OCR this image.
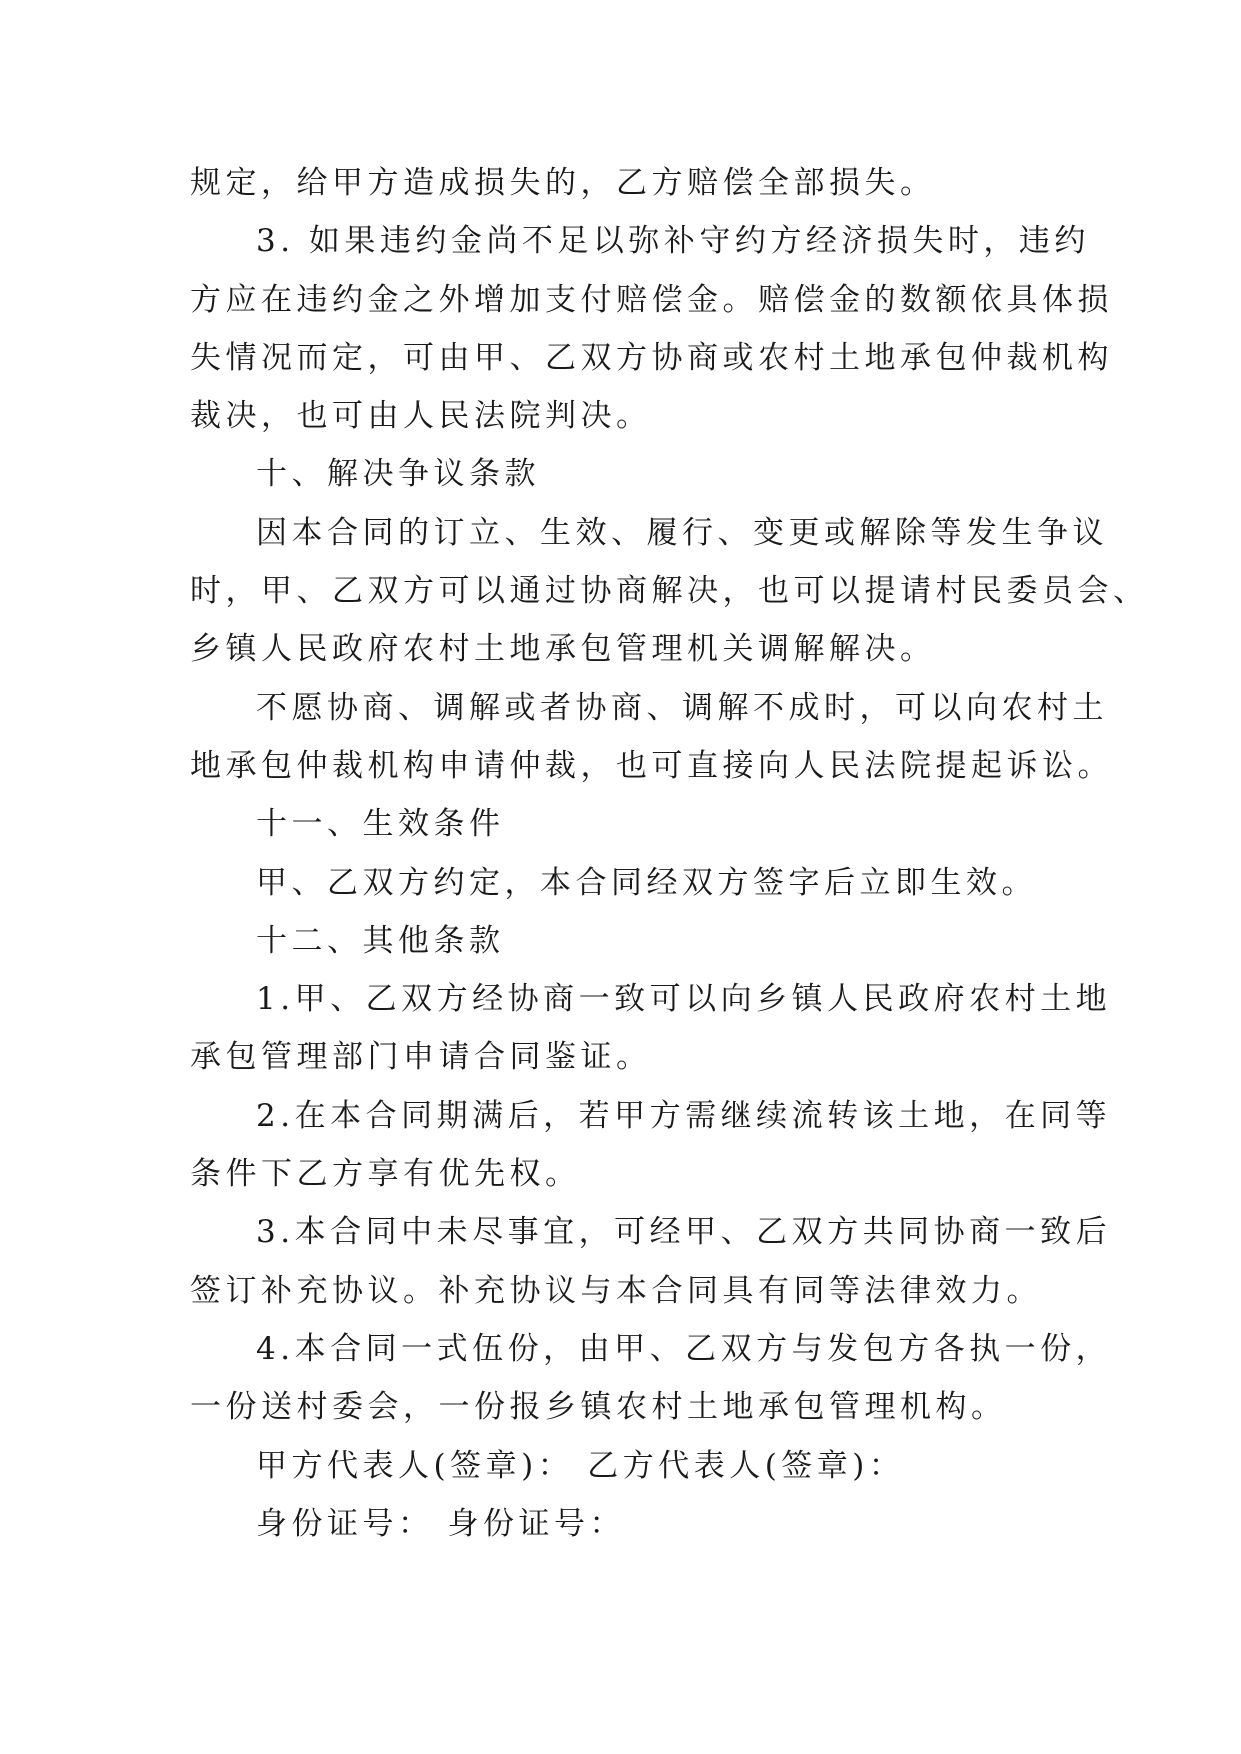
规定，给甲方造成损失的，乙方赔偿全部损失。
3. 如果违约金尚不足以弥补守约方经济损失时，违约
方应在违约金之外增加支付赔偿金。赔偿金的数额依具体损
失情况而定，可由甲、乙双方协商或农村土地承包仲裁机构
裁决，也可由人民法院判决。
十、解决争议条款
因本合同的订立、生效、履行、变更或解除等发生争议
时，甲、乙双方可以通过协商解决，也可以提请村民委员会、
乡镇人民政府农村土地承包管理机关调解解决。
不愿协商、调解或者协商、调解不成时，可以向农村土
地承包仲裁机构申请仲裁，也可直接向人民法院提起诉讼。
十一、生效条件
甲、乙双方约定，本合同经双方签字后立即生效。
十二、其他条款
1.甲、乙双方经协商一致可以向乡镇人民政府农村土地
承包管理部门申请合同鉴证。
2.在本合同期满后，若甲方需继续流转该土地，在同等
条件下乙方享有优先权。
3.本合同中未尽事宜，可经甲、乙双方共同协商一致后
签订补充协议。补充协议与本合同具有同等法律效力。
4.本合同一式伍份，由甲、乙双方与发包方各执一份，
一份送村委会，一份报乡镇农村土地承包管理机构。
甲方代表人(签章)： 乙方代表人(签章)：
身份证号： 身份证号：
